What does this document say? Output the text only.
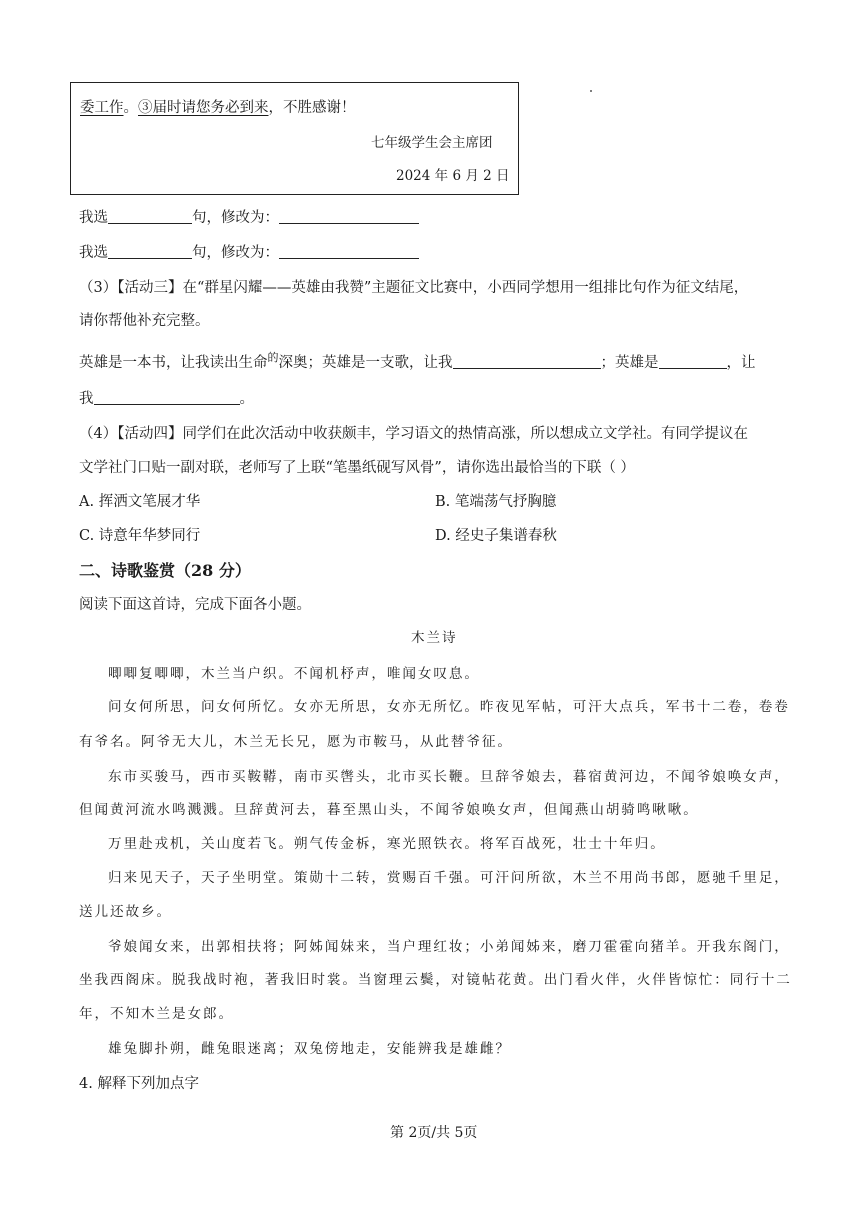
委工作。③届时请您务必到来，不胜感谢！
七年级学生会主席团
2024 年 6 月 2 日
我选	句，修改为：
我选	句，修改为：
（3）【活动三】在“群星闪耀——英雄由我赞”主题征文比赛中，小西同学想用一组排比句作为征文结尾，
请你帮他补充完整。
英雄是一本书，让我读出生命$^的$深奥；英雄是一支歌，让我	；英雄是	，让
我	。
（4）【活动四】同学们在此次活动中收获颇丰，学习语文的热情高涨，所以想成立文学社。有同学提议在
文学社门口贴一副对联，老师写了上联“笔墨纸砚写风骨”，请你选出最恰当的下联（ ）
A. 挥洒文笔展才华	B. 笔端荡气抒胸臆
C. 诗意年华梦同行	D. 经史子集谱春秋
二、诗歌鉴赏（28 分）
阅读下面这首诗，完成下面各小题。
木兰诗
唧唧复唧唧，木兰当户织。不闻机杼声，唯闻女叹息。
问女何所思，问女何所忆。女亦无所思，女亦无所忆。昨夜见军帖，可汗大点兵，军书十二卷，卷卷
有爷名。阿爷无大儿，木兰无长兄，愿为市鞍马，从此替爷征。
东市买骏马，西市买鞍鞯，南市买辔头，北市买长鞭。旦辞爷娘去，暮宿黄河边，不闻爷娘唤女声，
但闻黄河流水鸣溅溅。旦辞黄河去，暮至黑山头，不闻爷娘唤女声，但闻燕山胡骑鸣啾啾。
万里赴戎机，关山度若飞。朔气传金柝，寒光照铁衣。将军百战死，壮士十年归。
归来见天子，天子坐明堂。策勋十二转，赏赐百千强。可汗问所欲，木兰不用尚书郎，愿驰千里足，
送儿还故乡。
爷娘闻女来，出郭相扶将；阿姊闻妹来，当户理红妆；小弟闻姊来，磨刀霍霍向猪羊。开我东阁门，
坐我西阁床。脱我战时袍，著我旧时裳。当窗理云鬓，对镜帖花黄。出门看火伴，火伴皆惊忙：同行十二
年，不知木兰是女郎。
雄兔脚扑朔，雌兔眼迷离；双兔傍地走，安能辨我是雄雌？
4. 解释下列加点字
第 2页/共 5页
